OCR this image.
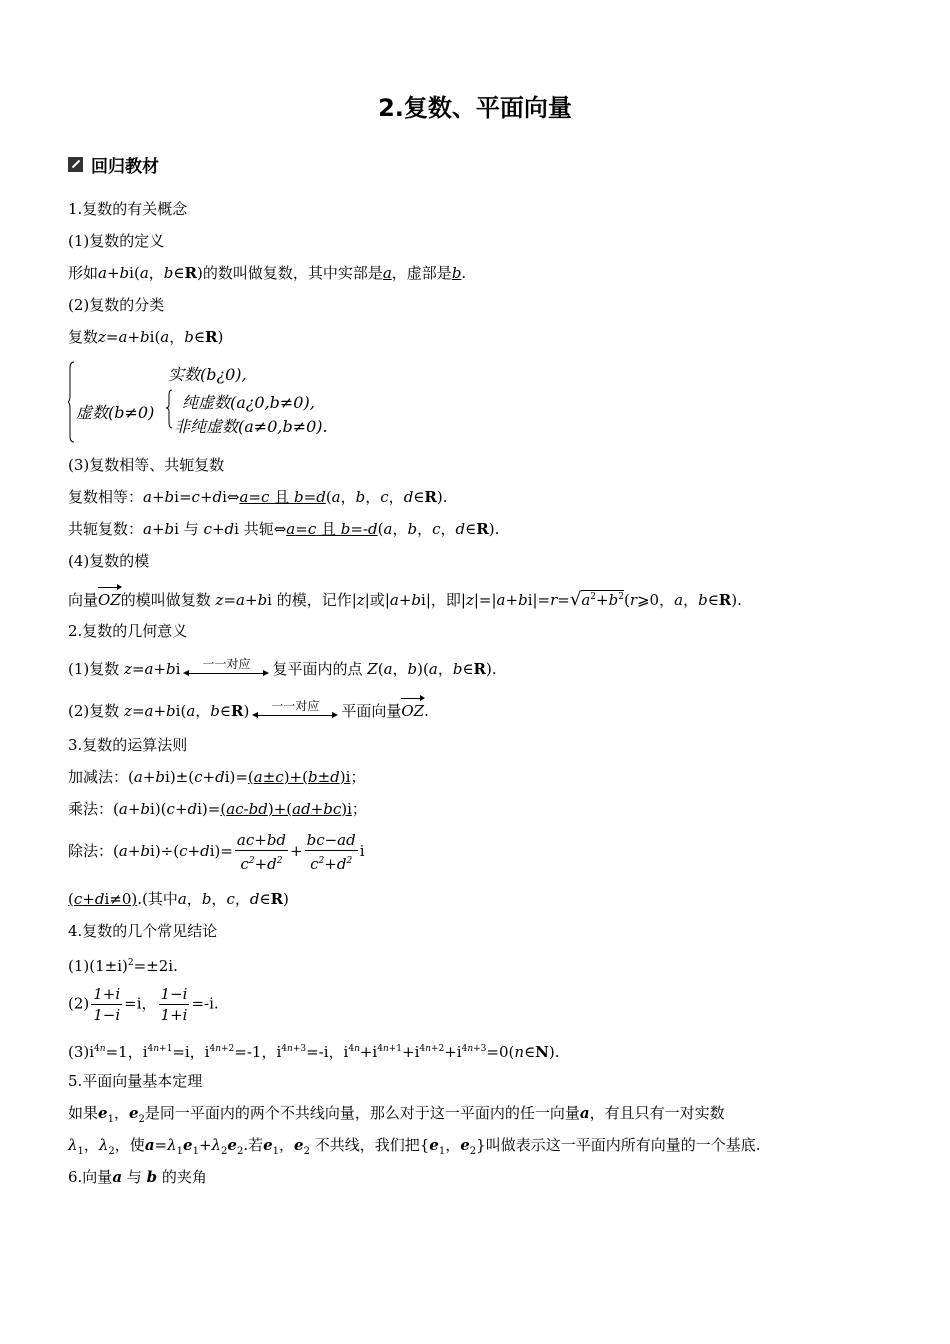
2.复数、平面向量
回归教材
1.复数的有关概念
(1)复数的定义
形如a+bi(a，b∈R)的数叫做复数，其中实部是a，虚部是b.
(2)复数的分类
复数z=a+bi(a，b∈R)
实数(b¿0),
虚数(b≠0)
纯虚数(a¿0,b≠0),
非纯虚数(a≠0,b≠0).
(3)复数相等、共轭复数
复数相等：a+bi=c+di⇔a=c 且 b=d(a，b，c，d∈R).
共轭复数：a+bi 与 c+di 共轭⇔a=c 且 b=-d(a，b，c，d∈R).
(4)复数的模
向量OZ的模叫做复数 z=a+bi 的模，记作|z|或|a+bi|，即$|z|=|a+bi|=r=√a^2+b^2(r⩾0$，a，b∈R).
2.复数的几何意义
(1)复数 z=a+bi	一一对应	复平面内的点 Z(a，b)(a，b∈R).
(2)复数 z=a+bi(a，b∈R)	一一对应	平面向量OZ.
3.复数的运算法则
加减法：(a+bi)±(c+di)=(a±c)+(b±d)i；
乘法：(a+bi)(c+di)=(ac-bd)+(ad+bc)i；
除法：$(a+bi)\div(c+di)= \frac{ac+bd}{c^2+d^2} + \frac{bc-ad}{c^2+d^2}$ i
(c+di≠0).(其中a，b，c，d∈R)
4.复数的几个常见结论
$(1)(1\pm i)^2=\pm 2i$.
$(2) \frac{1+i}{1-i} =i$， $\frac{1-i}{1+i} =-i$.
$(3)i^{4n}=1$，$i^{4n+1}=i$，$i^{4n+2}=-1$，$i^{4n+3}=-i$，$i^{4n}+i^{4n+1}+i^{4n+2}+i^{4n+3}=0(n\in N)$.
5.平面向量基本定理
如果$e_1$，$e_2$是同一平面内的两个不共线向量，那么对于这一平面内的任一向量a，有且只有一对实数
$\lambda_1$，$\lambda_2$，使$a=\lambda_1e_1+\lambda_2e_2$.若$e_1$，$e_2$ 不共线，我们把{$e_1$，$e_2$}叫做表示这一平面内所有向量的一个基底.
6.向量a 与 b 的夹角
